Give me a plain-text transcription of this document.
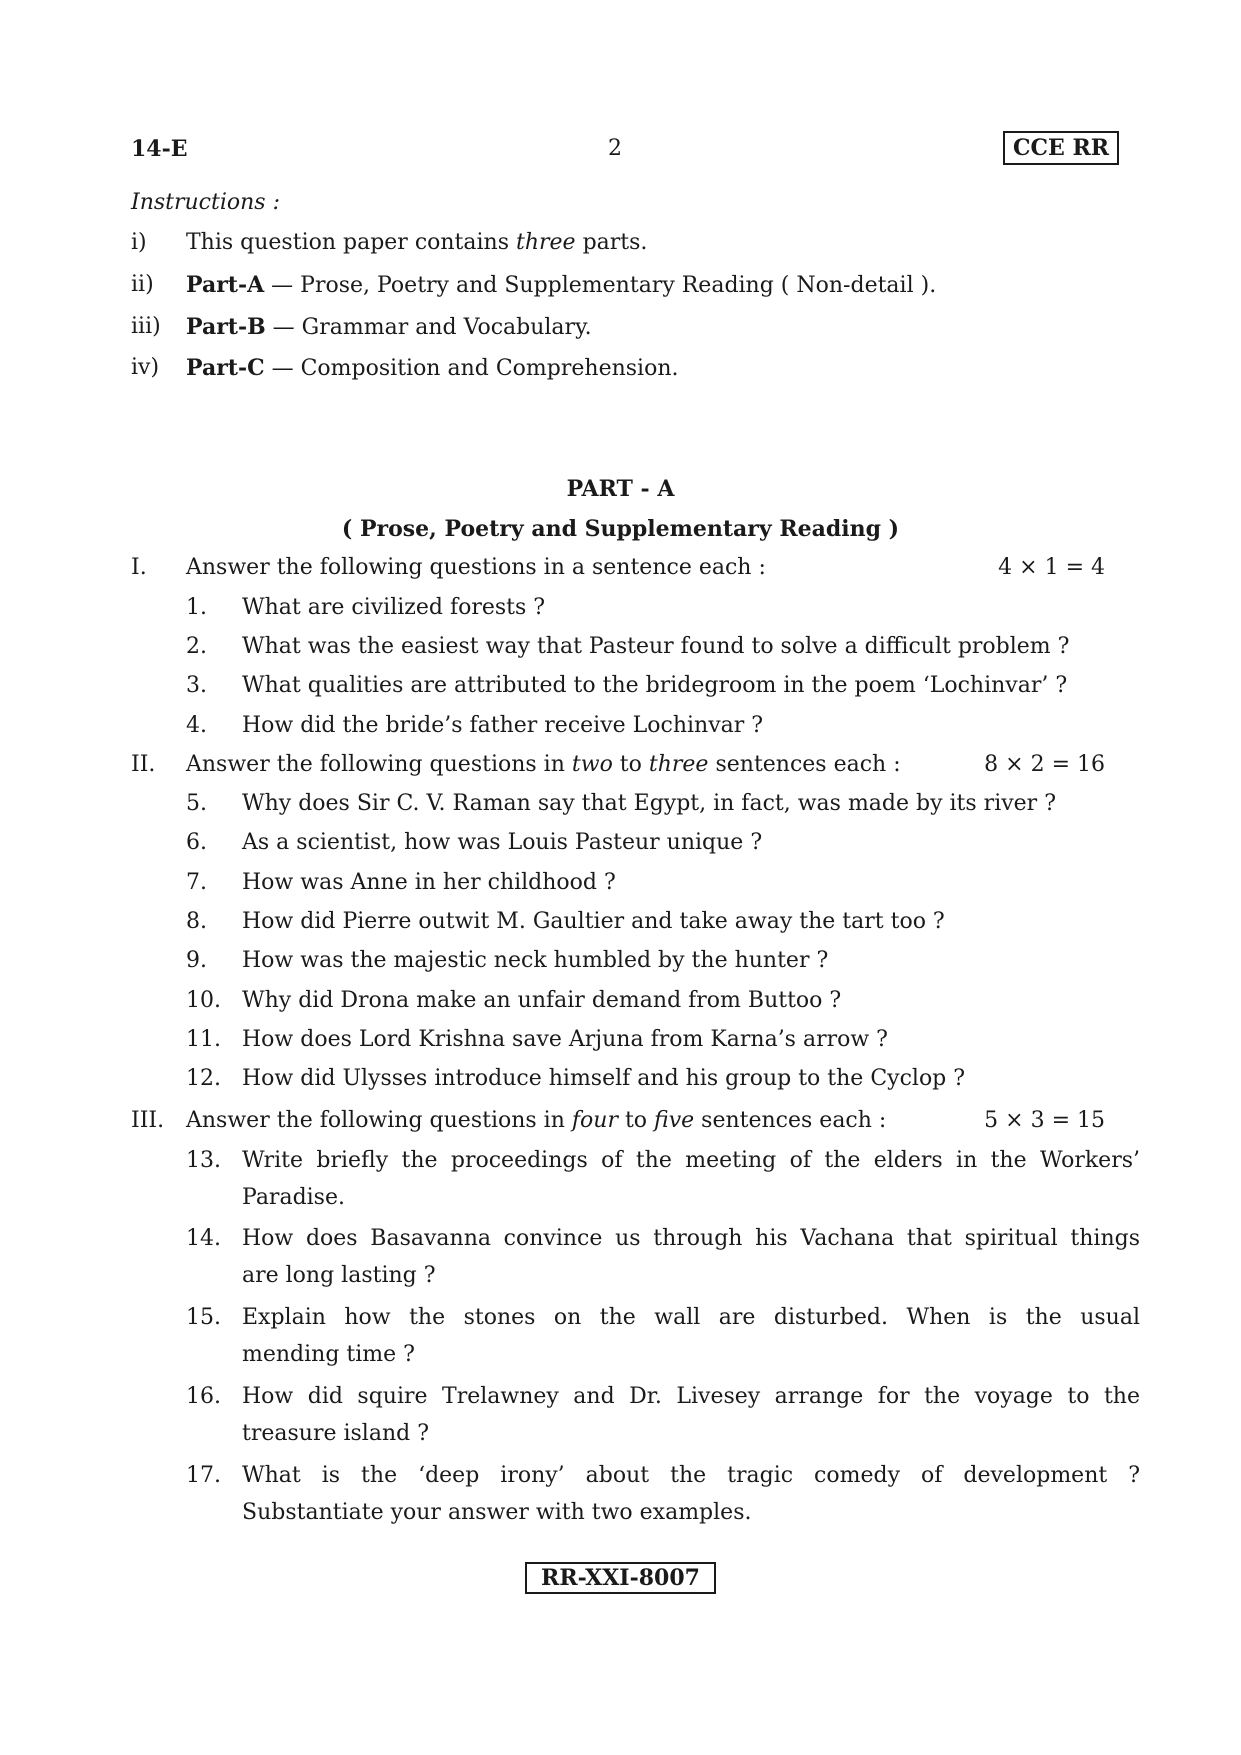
14-E	2	CCE RR
Instructions :
i) This question paper contains three parts.
ii) Part-A — Prose, Poetry and Supplementary Reading ( Non-detail ).
iii) Part-B — Grammar and Vocabulary.
iv) Part-C — Composition and Comprehension.
PART - A
( Prose, Poetry and Supplementary Reading )
I. Answer the following questions in a sentence each :	4 × 1 = 4
1. What are civilized forests ?
2. What was the easiest way that Pasteur found to solve a difficult problem ?
3. What qualities are attributed to the bridegroom in the poem ‘Lochinvar’ ?
4. How did the bride’s father receive Lochinvar ?
II. Answer the following questions in two to three sentences each :	8 × 2 = 16
5. Why does Sir C. V. Raman say that Egypt, in fact, was made by its river ?
6. As a scientist, how was Louis Pasteur unique ?
7. How was Anne in her childhood ?
8. How did Pierre outwit M. Gaultier and take away the tart too ?
9. How was the majestic neck humbled by the hunter ?
10. Why did Drona make an unfair demand from Buttoo ?
11. How does Lord Krishna save Arjuna from Karna’s arrow ?
12. How did Ulysses introduce himself and his group to the Cyclop ?
III. Answer the following questions in four to five sentences each :	5 × 3 = 15
13. Write briefly the proceedings of the meeting of the elders in the Workers’
Paradise.
14. How does Basavanna convince us through his Vachana that spiritual things
are long lasting ?
15. Explain how the stones on the wall are disturbed. When is the usual
mending time ?
16. How did squire Trelawney and Dr. Livesey arrange for the voyage to the
treasure island ?
17. What is the ‘deep irony’ about the tragic comedy of development ?
Substantiate your answer with two examples.
RR-XXI-8007
